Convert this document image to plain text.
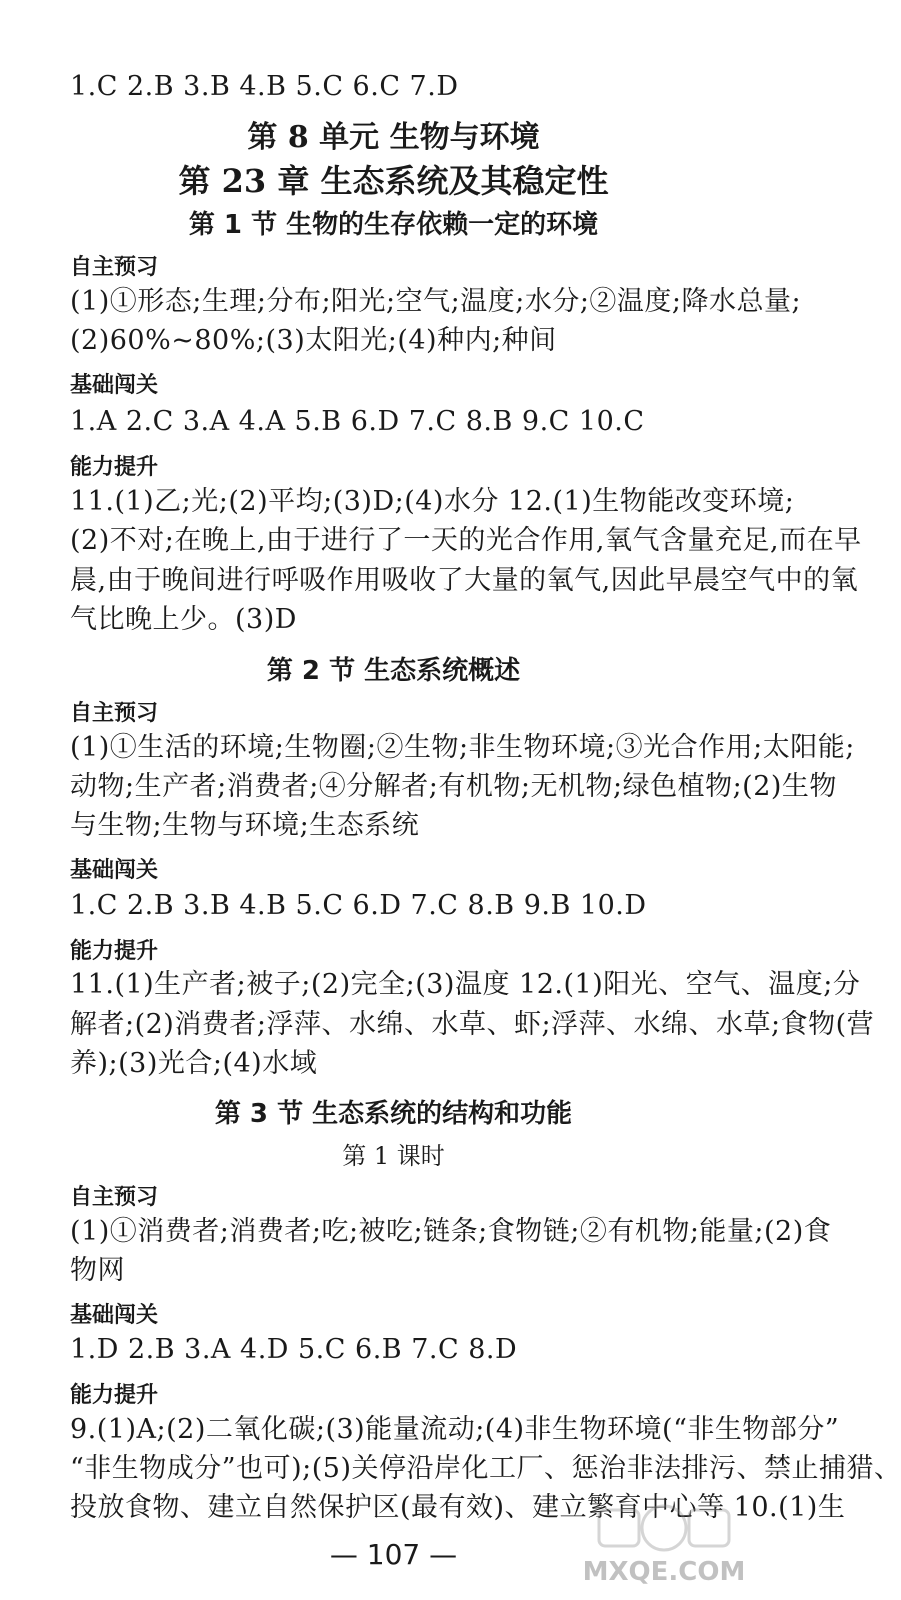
1.C 2.B 3.B 4.B 5.C 6.C 7.D
第 8 单元 生物与环境
第 23 章 生态系统及其稳定性
第 1 节 生物的生存依赖一定的环境
自主预习
(1)①形态;生理;分布;阳光;空气;温度;水分;②温度;降水总量;
(2)60%~80%;(3)太阳光;(4)种内;种间
基础闯关
1.A 2.C 3.A 4.A 5.B 6.D 7.C 8.B 9.C 10.C
能力提升
11.(1)乙;光;(2)平均;(3)D;(4)水分 12.(1)生物能改变环境;
(2)不对;在晚上,由于进行了一天的光合作用,氧气含量充足,而在早
晨,由于晚间进行呼吸作用吸收了大量的氧气,因此早晨空气中的氧
气比晚上少。(3)D
第 2 节 生态系统概述
自主预习
(1)①生活的环境;生物圈;②生物;非生物环境;③光合作用;太阳能;
动物;生产者;消费者;④分解者;有机物;无机物;绿色植物;(2)生物
与生物;生物与环境;生态系统
基础闯关
1.C 2.B 3.B 4.B 5.C 6.D 7.C 8.B 9.B 10.D
能力提升
11.(1)生产者;被子;(2)完全;(3)温度 12.(1)阳光、空气、温度;分
解者;(2)消费者;浮萍、水绵、水草、虾;浮萍、水绵、水草;食物(营
养);(3)光合;(4)水域
第 3 节 生态系统的结构和功能
第 1 课时
自主预习
(1)①消费者;消费者;吃;被吃;链条;食物链;②有机物;能量;(2)食
物网
基础闯关
1.D 2.B 3.A 4.D 5.C 6.B 7.C 8.D
能力提升
9.(1)A;(2)二氧化碳;(3)能量流动;(4)非生物环境(“非生物部分”
“非生物成分”也可);(5)关停沿岸化工厂、惩治非法排污、禁止捕猎、
投放食物、建立自然保护区(最有效)、建立繁育中心等 10.(1)生
— 107 —
MXQE.COM
